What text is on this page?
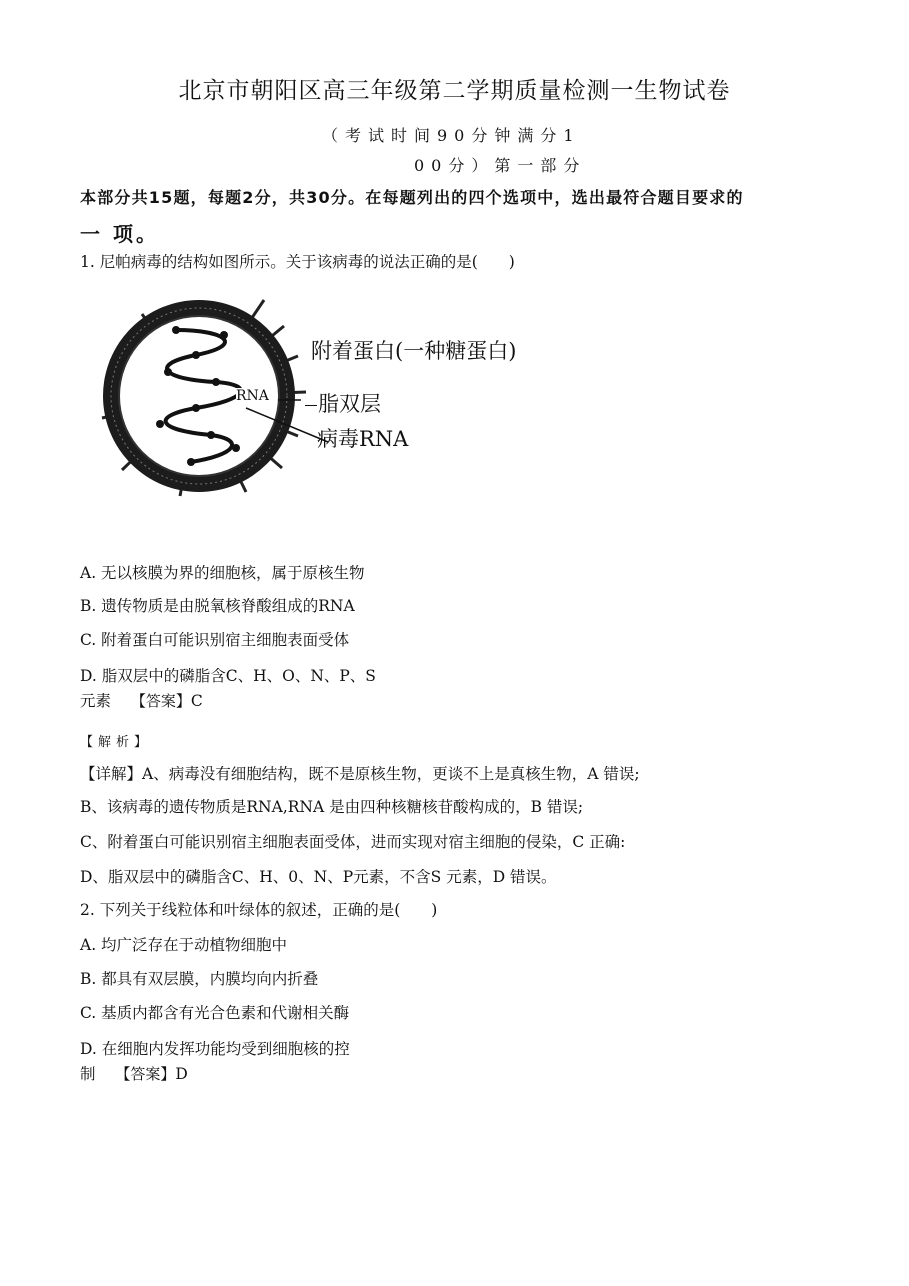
北京市朝阳区高三年级第二学期质量检测一生物试卷
（考试时间90分钟满分1
00分）第一部分
本部分共15题，每题2分，共30分。在每题列出的四个选项中，选出最符合题目要求的
一 项。
1. 尼帕病毒的结构如图所示。关于该病毒的说法正确的是(　　)
RNA
附着蛋白(一种糖蛋白)
脂双层
病毒RNA
A. 无以核膜为界的细胞核，属于原核生物
B. 遗传物质是由脱氧核脊酸组成的RNA
C. 附着蛋白可能识别宿主细胞表面受体
D. 脂双层中的磷脂含C、H、O、N、P、S
元素 【答案】C
【解析】
【详解】A、病毒没有细胞结构，既不是原核生物，更谈不上是真核生物，A 错误;
B、该病毒的遗传物质是RNA,RNA 是由四种核糖核苷酸构成的，B 错误;
C、附着蛋白可能识别宿主细胞表面受体，进而实现对宿主细胞的侵染，C 正确:
D、脂双层中的磷脂含C、H、0、N、P元素，不含S 元素，D 错误。
2. 下列关于线粒体和叶绿体的叙述，正确的是(　　)
A. 均广泛存在于动植物细胞中
B. 都具有双层膜，内膜均向内折叠
C. 基质内都含有光合色素和代谢相关酶
D. 在细胞内发挥功能均受到细胞核的控
制 【答案】D
